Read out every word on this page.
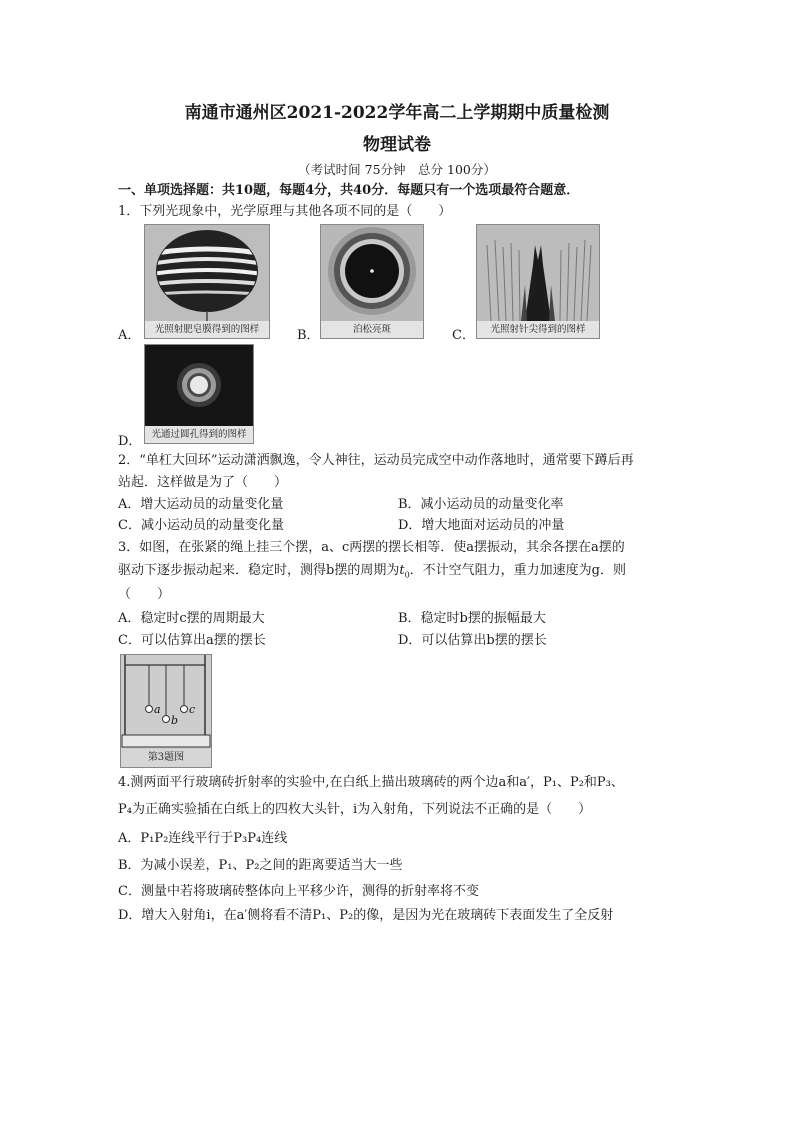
南通市通州区2021-2022学年高二上学期期中质量检测
物理试卷
（考试时间 75分钟　总分 100分）
一、单项选择题：共10题，每题4分，共40分．每题只有一个选项最符合题意．
1．下列光现象中，光学原理与其他各项不同的是（　　）
A．	光照射肥皂膜得到的图样	B．	泊松亮斑	C．	光照射针尖得到的图样
D．	光通过圆孔得到的图样
2．“单杠大回环”运动潇洒飘逸，令人神往，运动员完成空中动作落地时，通常要下蹲后再
站起．这样做是为了（　　）
A．增大运动员的动量变化量	B．减小运动员的动量变化率
C．减小运动员的动量变化量	D．增大地面对运动员的冲量
3．如图，在张紧的绳上挂三个摆，a、c两摆的摆长相等．使a摆振动，其余各摆在a摆的
驱动下逐步振动起来．稳定时，测得b摆的周期为$t_0$．不计空气阻力，重力加速度为g．则
（　　）
A．稳定时c摆的周期最大	B．稳定时b摆的振幅最大
C．可以估算出a摆的摆长	D．可以估算出b摆的摆长
a
b
c
第3题图
4.测两面平行玻璃砖折射率的实验中,在白纸上描出玻璃砖的两个边a和a′，P₁、P₂和P₃、
P₄为正确实验插在白纸上的四枚大头针，i为入射角，下列说法不正确的是（　　）
A．P₁P₂连线平行于P₃P₄连线
B．为减小误差，P₁、P₂之间的距离要适当大一些
C．测量中若将玻璃砖整体向上平移少许，测得的折射率将不变
D．增大入射角i，在a′侧将看不清P₁、P₂的像，是因为光在玻璃砖下表面发生了全反射
